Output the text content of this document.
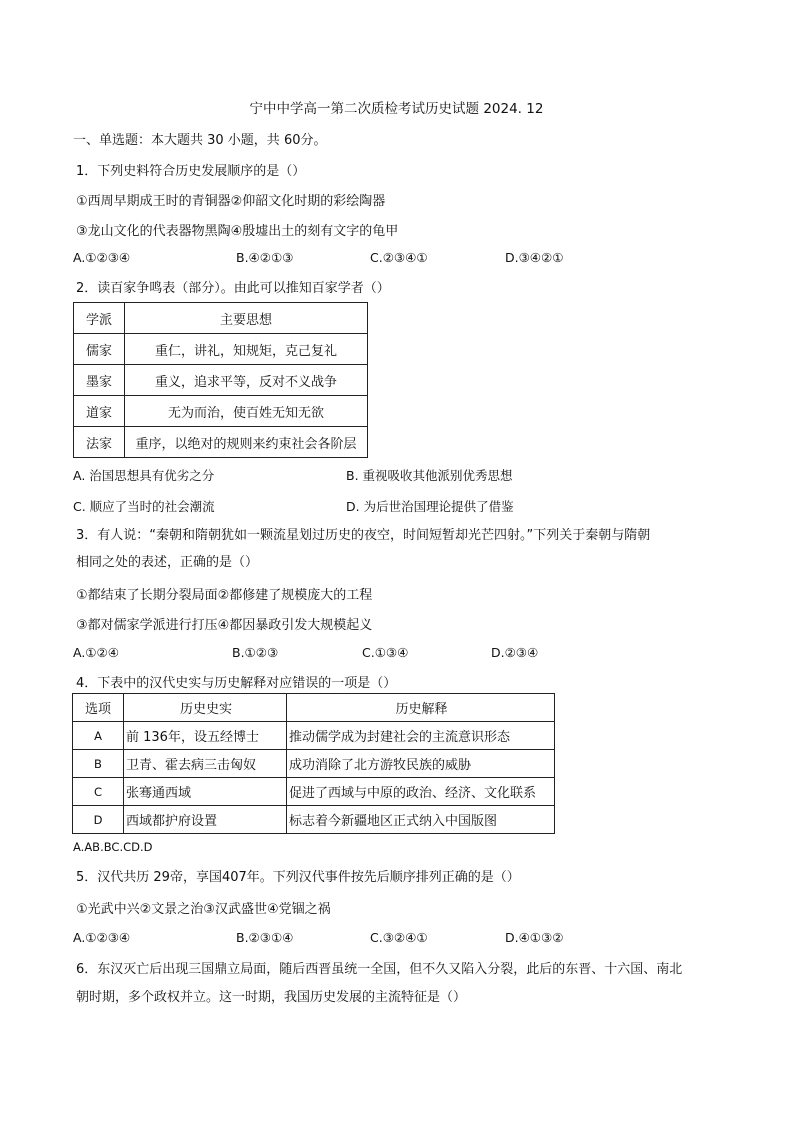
宁中中学高一第二次质检考试历史试题 2024. 12
一、单选题：本大题共 30 小题，共 60分。
1．下列史料符合历史发展顺序的是（）
①西周早期成王时的青铜器②仰韶文化时期的彩绘陶器
③龙山文化的代表器物黑陶④殷墟出土的刻有文字的龟甲
A.①②③④	B.④②①③	C.②③④①	D.③④②①
2．读百家争鸣表（部分）。由此可以推知百家学者（）
学派	主要思想
儒家	重仁，讲礼，知规矩，克己复礼
墨家	重义，追求平等，反对不义战争
道家	无为而治，使百姓无知无欲
法家	重序，以绝对的规则来约束社会各阶层
A. 治国思想具有优劣之分	B. 重视吸收其他派别优秀思想
C. 顺应了当时的社会潮流	D. 为后世治国理论提供了借鉴
3．有人说：“秦朝和隋朝犹如一颗流星划过历史的夜空，时间短暂却光芒四射。”下列关于秦朝与隋朝
相同之处的表述，正确的是（）
①都结束了长期分裂局面②都修建了规模庞大的工程
③都对儒家学派进行打压④都因暴政引发大规模起义
A.①②④	B.①②③	C.①③④	D.②③④
4．下表中的汉代史实与历史解释对应错误的一项是（）
选项	历史史实	历史解释
A	前 136年，设五经博士	推动儒学成为封建社会的主流意识形态
B	卫青、霍去病三击匈奴	成功消除了北方游牧民族的威胁
C	张骞通西域	促进了西域与中原的政治、经济、文化联系
D	西域都护府设置	标志着今新疆地区正式纳入中国版图
A.AB.BC.CD.D
5．汉代共历 29帝，享国407年。下列汉代事件按先后顺序排列正确的是（）
①光武中兴②文景之治③汉武盛世④党锢之祸
A.①②③④	B.②③①④	C.③②④①	D.④①③②
6．东汉灭亡后出现三国鼎立局面，随后西晋虽统一全国，但不久又陷入分裂，此后的东晋、十六国、南北
朝时期，多个政权并立。这一时期，我国历史发展的主流特征是（）
